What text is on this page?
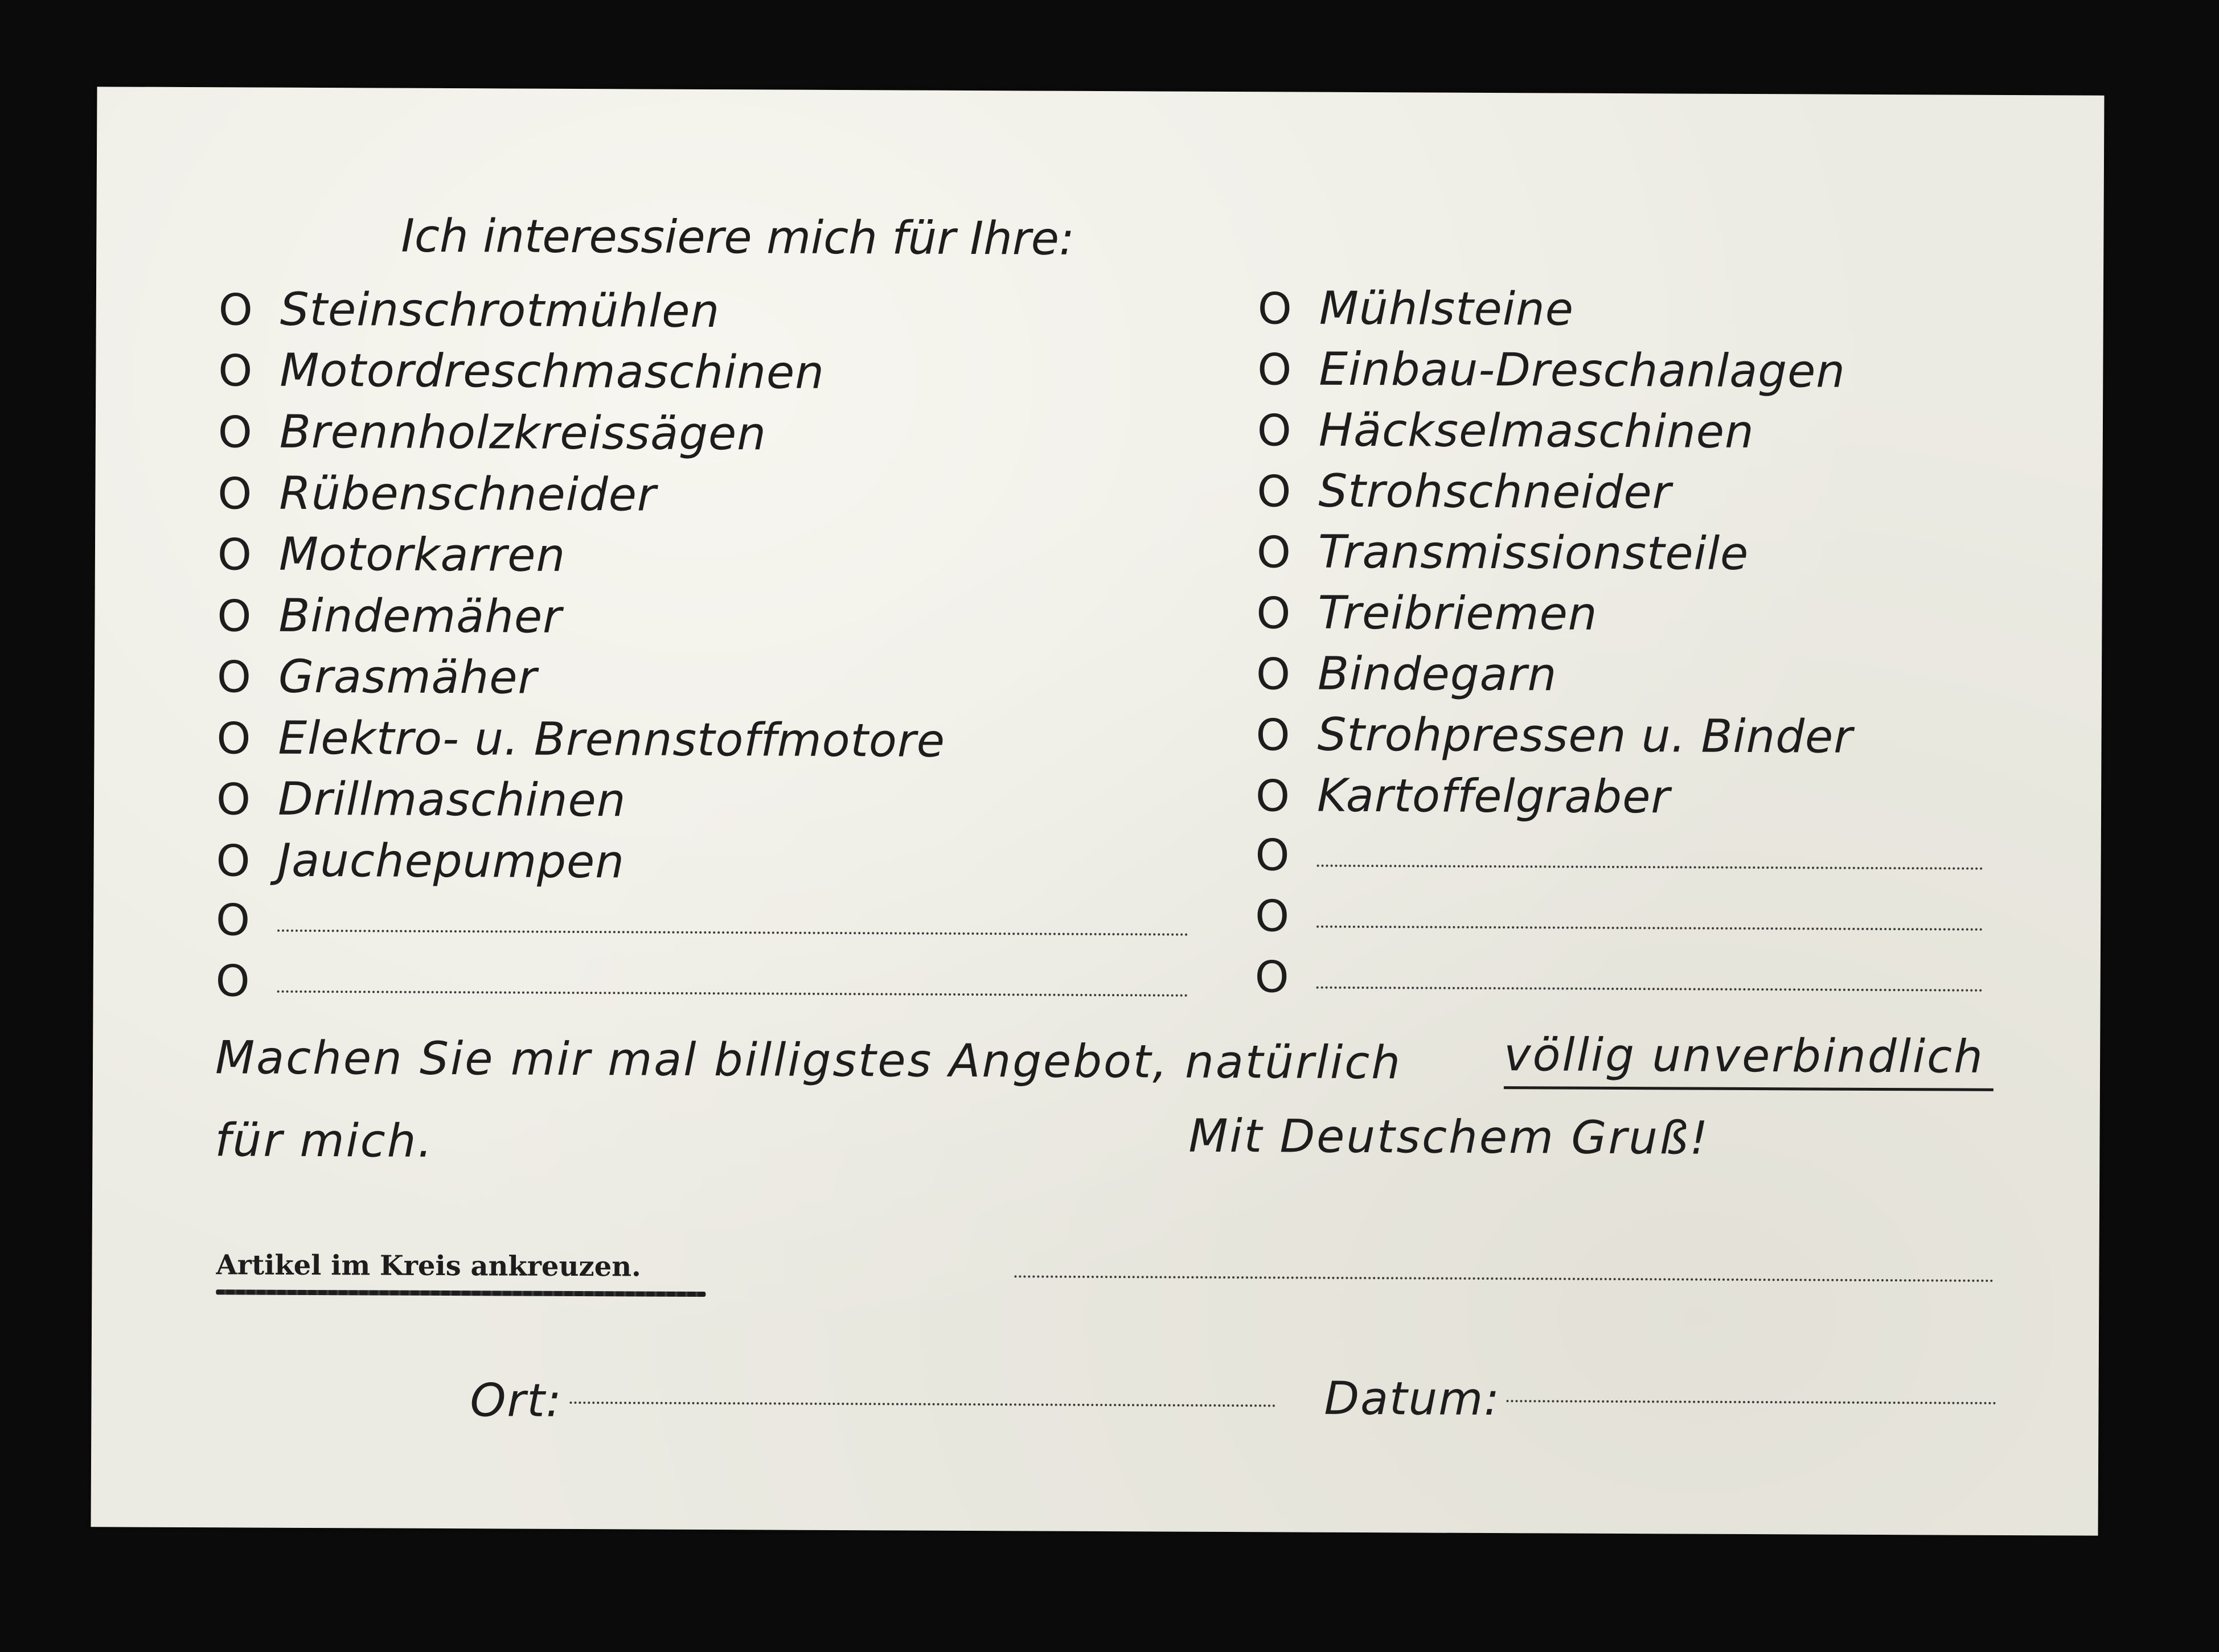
Ich interessiere mich für Ihre:
O Steinschrotmühlen
O Motordreschmaschinen
O Brennholzkreissägen
O Rübenschneider
O Motorkarren
O Bindemäher
O Grasmäher
O Elektro- u. Brennstoffmotore
O Drillmaschinen
O Jauchepumpen
O
O
O Mühlsteine
O Einbau-Dreschanlagen
O Häckselmaschinen
O Strohschneider
O Transmissionsteile
O Treibriemen
O Bindegarn
O Strohpressen u. Binder
O Kartoffelgraber
O
O
O
Machen Sie mir mal billigstes Angebot, natürlich völlig unverbindlich
für mich.	Mit Deutschem Gruß!
Artikel im Kreis ankreuzen.
Ort:	Datum:
